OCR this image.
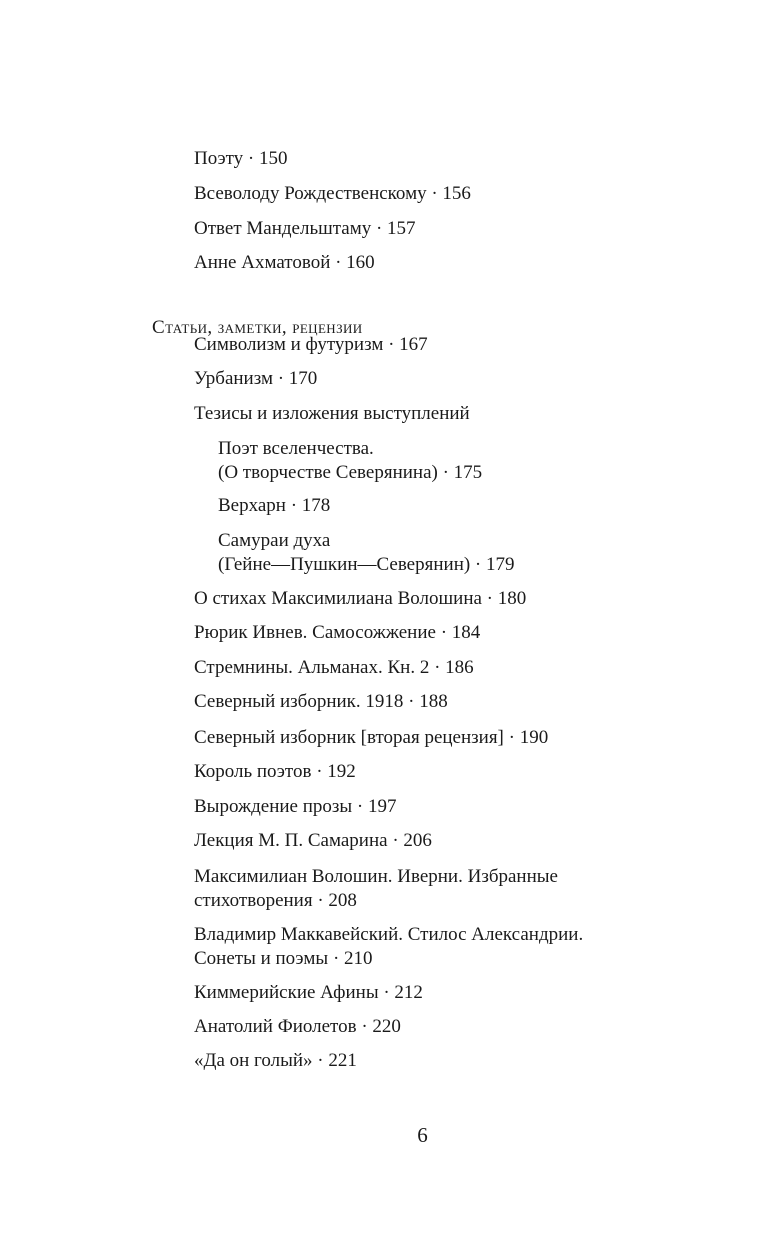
Поэту · 150

Всеволоду Рождественскому · 156

Ответ Мандельштаму · 157

Анне Ахматовой · 160

Статьи, заметки, рецензии

Символизм и футуризм · 167

Урбанизм · 170

Тезисы и изложения выступлений

Поэт вселенчества.

(О творчестве Северянина) · 175

Верхарн · 178

Самураи духа

(Гейне—Пушкин—Северянин) · 179

О стихах Максимилиана Волошина · 180

Рюрик Ивнев. Самосожжение · 184

Стремнины. Альманах. Кн. 2 · 186

Северный изборник. 1918 · 188

Северный изборник [вторая рецензия] · 190

Король поэтов · 192

Вырождение прозы · 197

Лекция М. П. Самарина · 206

Максимилиан Волошин. Иверни. Избранные

стихотворения · 208

Владимир Маккавейский. Стилос Александрии.

Сонеты и поэмы · 210

Киммерийские Афины · 212

Анатолий Фиолетов · 220

«Да он голый» · 221

6
